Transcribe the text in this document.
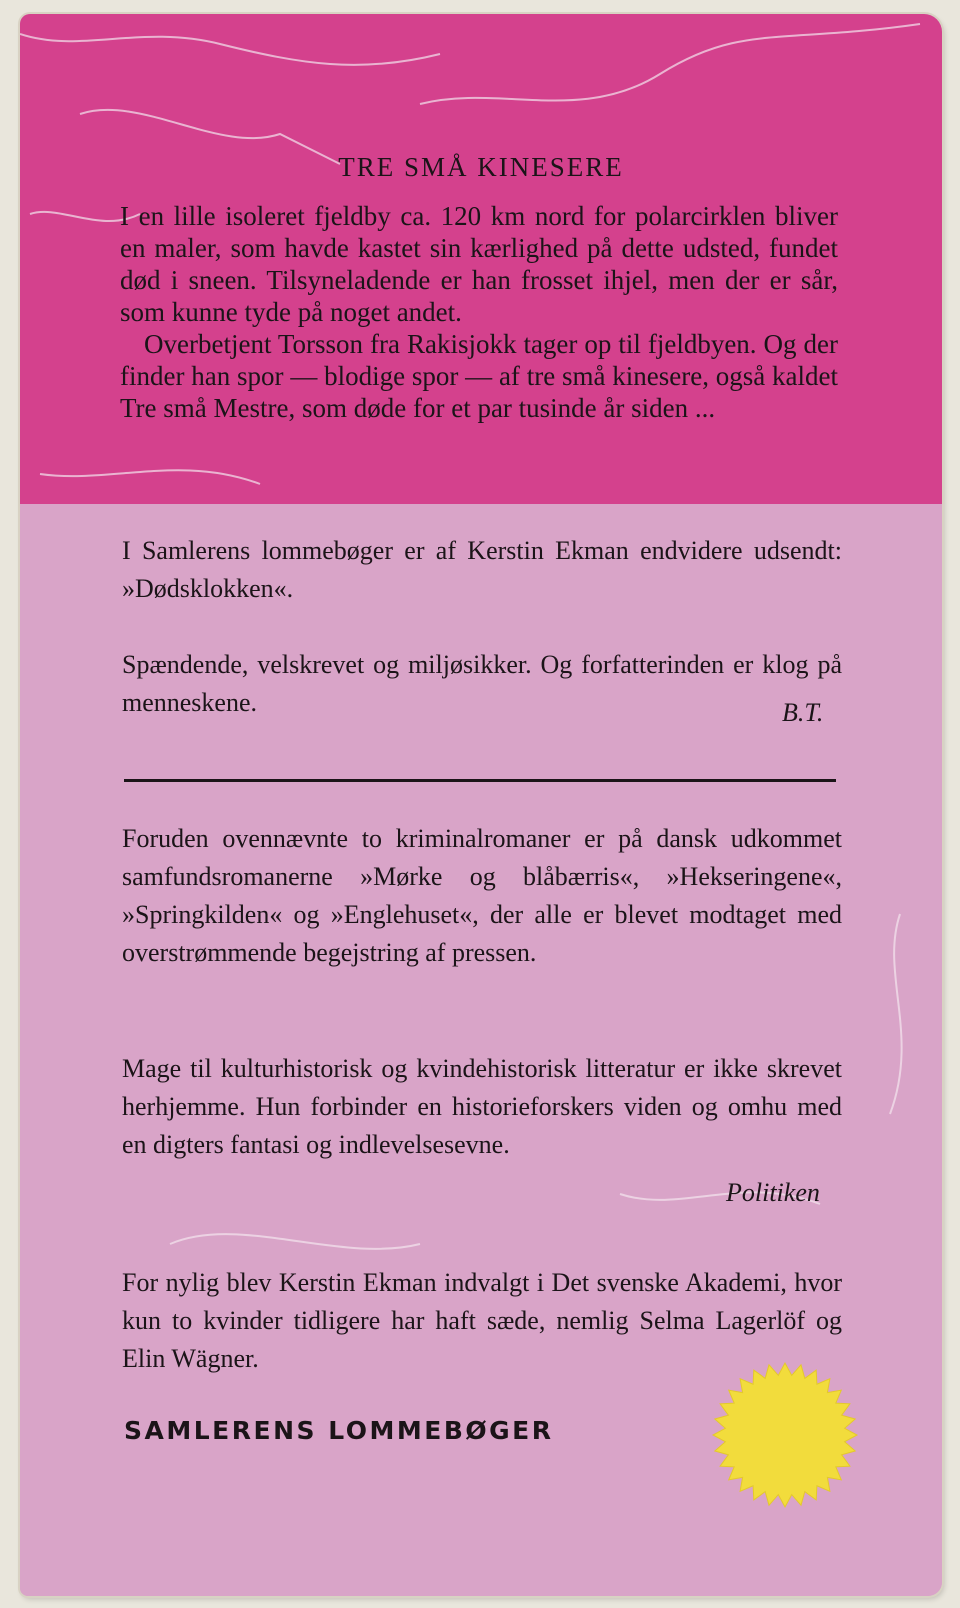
TRE SMÅ KINESERE

I en lille isoleret fjeldby ca. 120 km nord for polarcirklen bliver en maler, som havde kastet sin kærlighed på dette udsted, fundet død i sneen. Tilsyneladende er han frosset ihjel, men der er sår, som kunne tyde på noget andet.

Overbetjent Torsson fra Rakisjokk tager op til fjeldbyen. Og der finder han spor — blodige spor — af tre små kinesere, også kaldet Tre små Mestre, som døde for et par tusinde år siden ...

I Samlerens lommebøger er af Kerstin Ekman endvidere udsendt: »Dødsklokken«.

Spændende, velskrevet og miljøsikker. Og forfatterinden er klog på menneskene.	B.T.

Foruden ovennævnte to kriminalromaner er på dansk udkommet samfundsromanerne »Mørke og blåbærris«, »Hekseringene«, »Springkilden« og »Englehuset«, der alle er blevet modtaget med overstrømmende begejstring af pressen.

Mage til kulturhistorisk og kvindehistorisk litteratur er ikke skrevet herhjemme. Hun forbinder en historieforskers viden og omhu med en digters fantasi og indlevelsesevne.

Politiken

For nylig blev Kerstin Ekman indvalgt i Det svenske Akademi, hvor kun to kvinder tidligere har haft sæde, nemlig Selma Lagerlöf og Elin Wägner.

SAMLERENS LOMMEBØGER
